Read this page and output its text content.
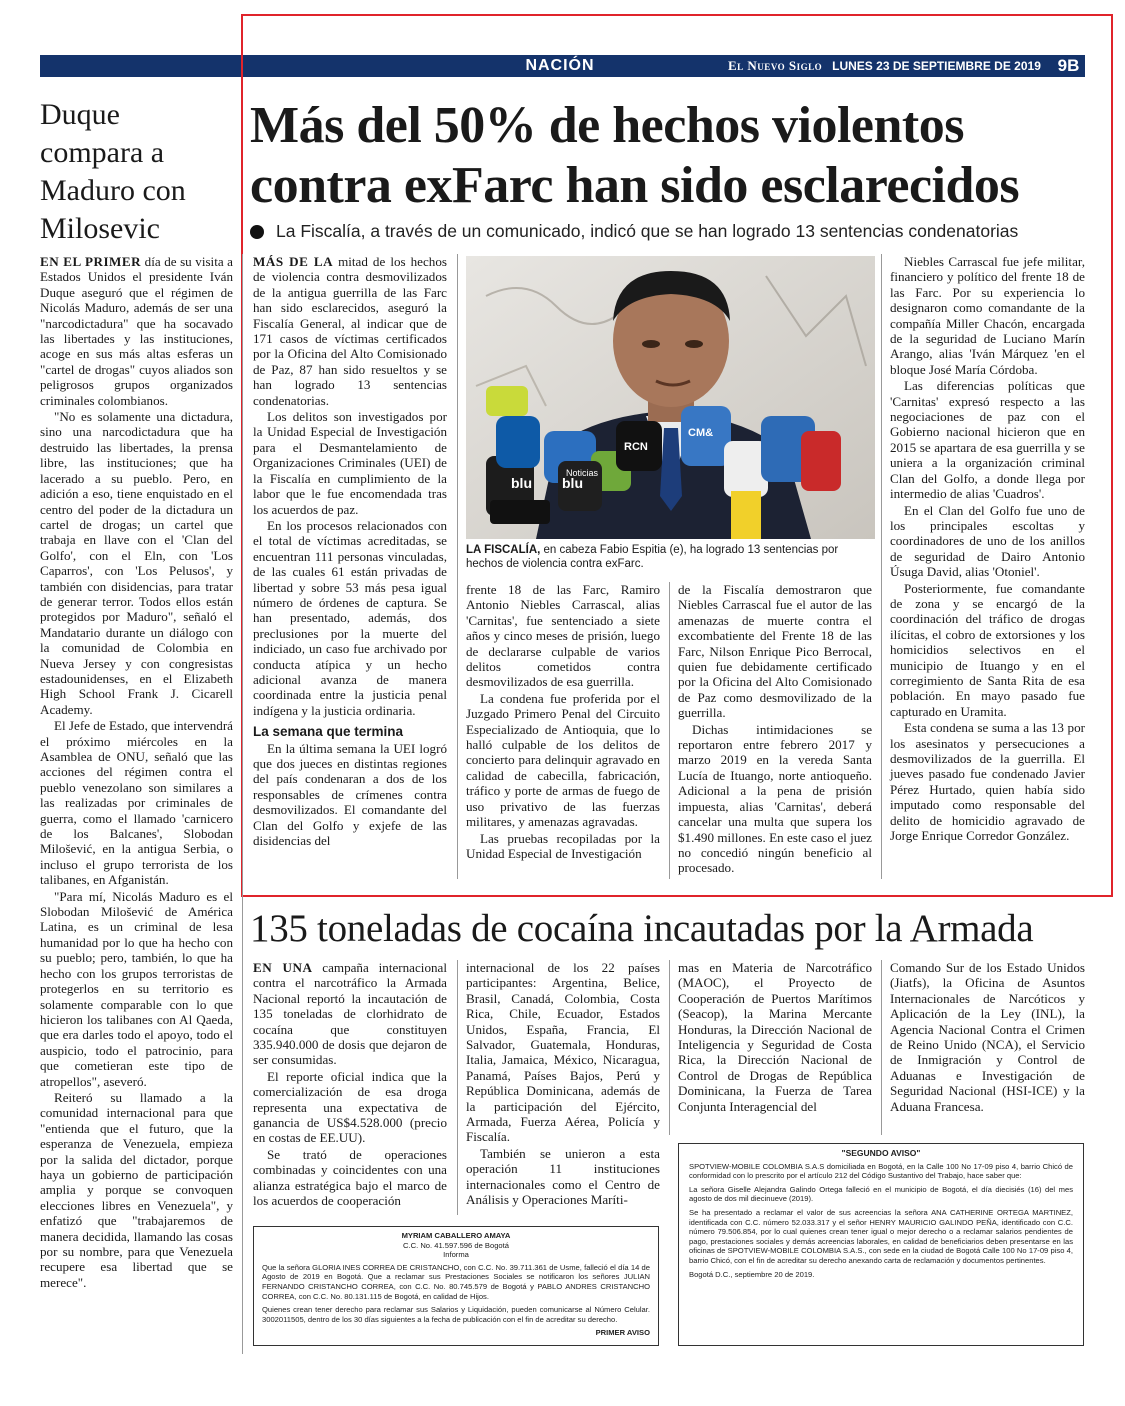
NACIÓN	El Nuevo Siglo LUNES 23 DE SEPTIEMBRE DE 2019 9B
Duque compara a Maduro con Milosevic

EN EL PRIMER día de su visita a Estados Unidos el presidente Iván Duque aseguró que el régimen de Nicolás Maduro, además de ser una "narcodictadura" que ha socavado las libertades y las instituciones, acoge en sus más altas esferas un "cartel de drogas" cuyos aliados son peligrosos grupos organizados criminales colombianos.

"No es solamente una dictadura, sino una narcodictadura que ha destruido las libertades, la prensa libre, las instituciones; que ha lacerado a su pueblo. Pero, en adición a eso, tiene enquistado en el centro del poder de la dictadura un cartel de drogas; un cartel que trabaja en llave con el 'Clan del Golfo', con el Eln, con 'Los Caparros', con 'Los Pelusos', y también con disidencias, para tratar de generar terror. Todos ellos están protegidos por Maduro", señaló el Mandatario durante un diálogo con la comunidad de Colombia en Nueva Jersey y con congresistas estadounidenses, en el Elizabeth High School Frank J. Cicarell Academy.

El Jefe de Estado, que intervendrá el próximo miércoles en la Asamblea de ONU, señaló que las acciones del régimen contra el pueblo venezolano son similares a las realizadas por criminales de guerra, como el llamado 'carnicero de los Balcanes', Slobodan Milošević, en la antigua Serbia, o incluso el grupo terrorista de los talibanes, en Afganistán.

"Para mí, Nicolás Maduro es el Slobodan Milošević de América Latina, es un criminal de lesa humanidad por lo que ha hecho con su pueblo; pero, también, lo que ha hecho con los grupos terroristas de protegerlos en su territorio es solamente comparable con lo que hicieron los talibanes con Al Qaeda, que era darles todo el apoyo, todo el auspicio, todo el patrocinio, para que cometieran este tipo de atropellos", aseveró.

Reiteró su llamado a la comunidad internacional para que "entienda que el futuro, que la esperanza de Venezuela, empieza por la salida del dictador, porque haya un gobierno de participación amplia y porque se convoquen elecciones libres en Venezuela", y enfatizó que "trabajaremos de manera decidida, llamando las cosas por su nombre, para que Venezuela recupere esa libertad que se merece".

Más del 50% de hechos violentos contra exFarc han sido esclarecidos
La Fiscalía, a través de un comunicado, indicó que se han logrado 13 sentencias condenatorias

MÁS DE LA mitad de los hechos de violencia contra desmovilizados de la antigua guerrilla de las Farc han sido esclarecidos, aseguró la Fiscalía General, al indicar que de 171 casos de víctimas certificados por la Oficina del Alto Comisionado de Paz, 87 han sido resueltos y se han logrado 13 sentencias condenatorias.

Los delitos son investigados por la Unidad Especial de Investigación para el Desmantelamiento de Organizaciones Criminales (UEI) de la Fiscalía en cumplimiento de la labor que le fue encomendada tras los acuerdos de paz.

En los procesos relacionados con el total de víctimas acreditadas, se encuentran 111 personas vinculadas, de las cuales 61 están privadas de libertad y sobre 53 más pesa igual número de órdenes de captura. Se han presentado, además, dos preclusiones por la muerte del indiciado, un caso fue archivado por conducta atípica y un hecho adicional avanza de manera coordinada entre la justicia penal indígena y la justicia ordinaria.

La semana que termina

En la última semana la UEI logró que dos jueces en distintas regiones del país condenaran a dos de los responsables de crímenes contra desmovilizados. El comandante del Clan del Golfo y exjefe de las disidencias del

blu blu
Noticias
RCN
CM&
LA FISCALÍA, en cabeza Fabio Espitia (e), ha logrado 13 sentencias por hechos de violencia contra exFarc.

frente 18 de las Farc, Ramiro Antonio Niebles Carrascal, alias 'Carnitas', fue sentenciado a siete años y cinco meses de prisión, luego de declararse culpable de varios delitos cometidos contra desmovilizados de esa guerrilla.

La condena fue proferida por el Juzgado Primero Penal del Circuito Especializado de Antioquia, que lo halló culpable de los delitos de concierto para delinquir agravado en calidad de cabecilla, fabricación, tráfico y porte de armas de fuego de uso privativo de las fuerzas militares, y amenazas agravadas.

Las pruebas recopiladas por la Unidad Especial de Investigación

de la Fiscalía demostraron que Niebles Carrascal fue el autor de las amenazas de muerte contra el excombatiente del Frente 18 de las Farc, Nilson Enrique Pico Berrocal, quien fue debidamente certificado por la Oficina del Alto Comisionado de Paz como desmovilizado de la guerrilla.

Dichas intimidaciones se reportaron entre febrero 2017 y marzo 2019 en la vereda Santa Lucía de Ituango, norte antioqueño. Adicional a la pena de prisión impuesta, alias 'Carnitas', deberá cancelar una multa que supera los $1.490 millones. En este caso el juez no concedió ningún beneficio al procesado.

Niebles Carrascal fue jefe militar, financiero y político del frente 18 de las Farc. Por su experiencia lo designaron como comandante de la compañía Miller Chacón, encargada de la seguridad de Luciano Marín Arango, alias 'Iván Márquez 'en el bloque José María Córdoba.

Las diferencias políticas que 'Carnitas' expresó respecto a las negociaciones de paz con el Gobierno nacional hicieron que en 2015 se apartara de esa guerrilla y se uniera a la organización criminal Clan del Golfo, a donde llega por intermedio de alias 'Cuadros'.

En el Clan del Golfo fue uno de los principales escoltas y coordinadores de uno de los anillos de seguridad de Dairo Antonio Úsuga David, alias 'Otoniel'.

Posteriormente, fue comandante de zona y se encargó de la coordinación del tráfico de drogas ilícitas, el cobro de extorsiones y los homicidios selectivos en el municipio de Ituango y en el corregimiento de Santa Rita de esa población. En mayo pasado fue capturado en Uramita.

Esta condena se suma a las 13 por los asesinatos y persecuciones a desmovilizados de la guerrilla. El jueves pasado fue condenado Javier Pérez Hurtado, quien había sido imputado como responsable del delito de homicidio agravado de Jorge Enrique Corredor González.

135 toneladas de cocaína incautadas por la Armada

EN UNA campaña internacional contra el narcotráfico la Armada Nacional reportó la incautación de 135 toneladas de clorhidrato de cocaína que constituyen 335.940.000 de dosis que dejaron de ser consumidas.

El reporte oficial indica que la comercialización de esa droga representa una expectativa de ganancia de US$4.528.000 (precio en costas de EE.UU).

Se trató de operaciones combinadas y coincidentes con una alianza estratégica bajo el marco de los acuerdos de cooperación

internacional de los 22 países participantes: Argentina, Belice, Brasil, Canadá, Colombia, Costa Rica, Chile, Ecuador, Estados Unidos, España, Francia, El Salvador, Guatemala, Honduras, Italia, Jamaica, México, Nicaragua, Panamá, Países Bajos, Perú y República Dominicana, además de la participación del Ejército, Armada, Fuerza Aérea, Policía y Fiscalía.

También se unieron a esta operación 11 instituciones internacionales como el Centro de Análisis y Operaciones Maríti-

mas en Materia de Narcotráfico (MAOC), el Proyecto de Cooperación de Puertos Marítimos (Seacop), la Marina Mercante Honduras, la Dirección Nacional de Inteligencia y Seguridad de Costa Rica, la Dirección Nacional de Control de Drogas de República Dominicana, la Fuerza de Tarea Conjunta Interagencial del

Comando Sur de los Estado Unidos (Jiatfs), la Oficina de Asuntos Internacionales de Narcóticos y Aplicación de la Ley (INL), la Agencia Nacional Contra el Crimen de Reino Unido (NCA), el Servicio de Inmigración y Control de Aduanas e Investigación de Seguridad Nacional (HSI-ICE) y la Aduana Francesa.

MYRIAM CABALLERO AMAYA
C.C. No. 41.597.596 de Bogotá
Informa

Que la señora GLORIA INES CORREA DE CRISTANCHO, con C.C. No. 39.711.361 de Usme, falleció el día 14 de Agosto de 2019 en Bogotá. Que a reclamar sus Prestaciones Sociales se notificaron los señores JULIAN FERNANDO CRISTANCHO CORREA, con C.C. No. 80.745.579 de Bogotá y PABLO ANDRES CRISTANCHO CORREA, con C.C. No. 80.131.115 de Bogotá, en calidad de Hijos.

Quienes crean tener derecho para reclamar sus Salarios y Liquidación, pueden comunicarse al Número Celular. 3002011505, dentro de los 30 días siguientes a la fecha de publicación con el fin de acreditar su derecho.

PRIMER AVISO
"SEGUNDO AVISO"

SPOTVIEW-MOBILE COLOMBIA S.A.S domiciliada en Bogotá, en la Calle 100 No 17-09 piso 4, barrio Chicó de conformidad con lo prescrito por el artículo 212 del Código Sustantivo del Trabajo, hace saber que:

La señora Giselle Alejandra Galindo Ortega falleció en el municipio de Bogotá, el día diecisiés (16) del mes agosto de dos mil diecinueve (2019).

Se ha presentado a reclamar el valor de sus acreencias la señora ANA CATHERINE ORTEGA MARTINEZ, identificada con C.C. número 52.033.317 y el señor HENRY MAURICIO GALINDO PEÑA, identificado con C.C. número 79.506.854, por lo cual quienes crean tener igual o mejor derecho o a reclamar salarios pendientes de pago, prestaciones sociales y demás acreencias laborales, en calidad de beneficiarios deben presentarse en las oficinas de SPOTVIEW-MOBILE COLOMBIA S.A.S., con sede en la ciudad de Bogotá Calle 100 No 17-09 piso 4, barrio Chicó, con el fin de acreditar su derecho anexando carta de reclamación y documentos pertinentes.

Bogotá D.C., septiembre 20 de 2019.
